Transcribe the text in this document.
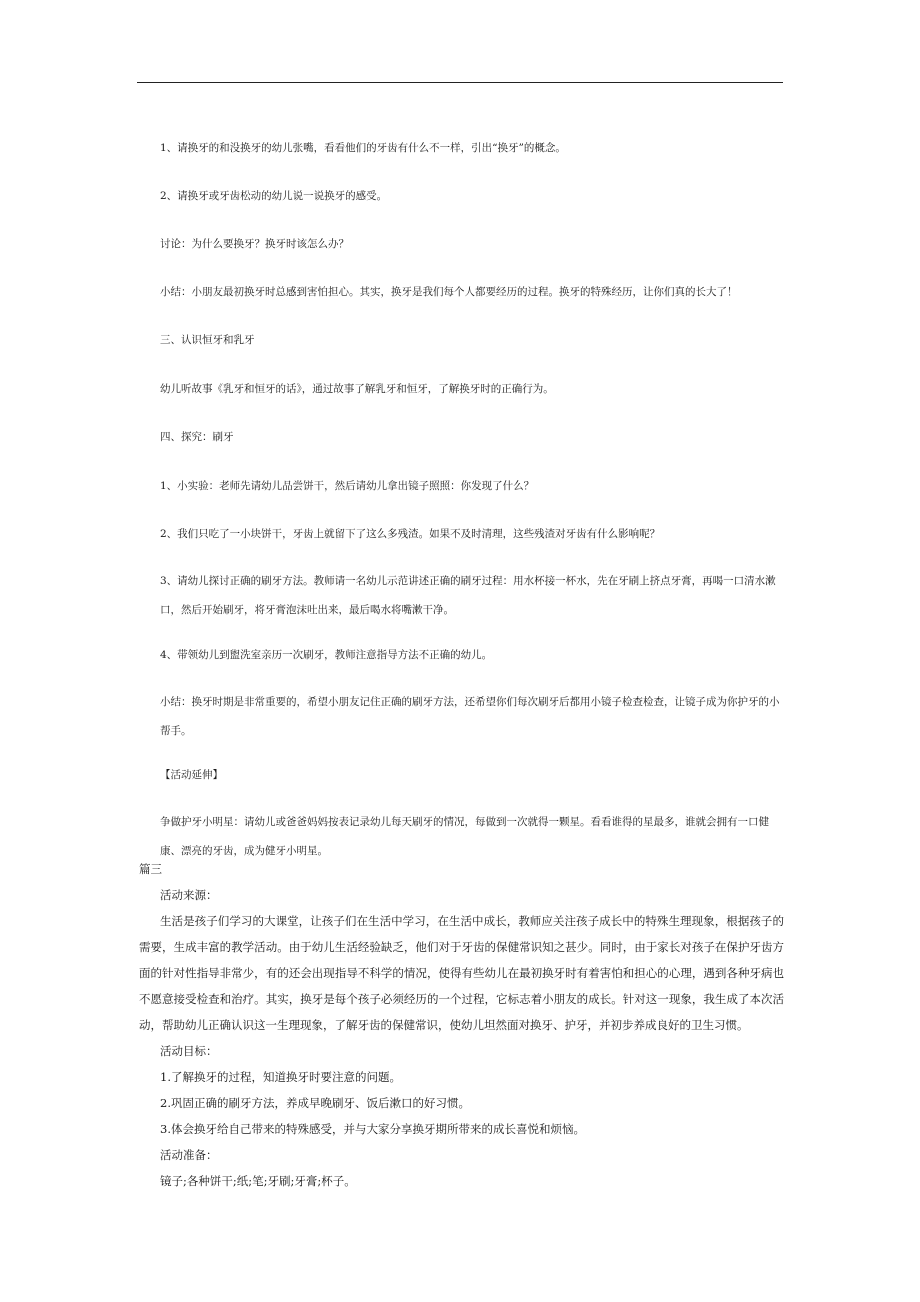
1、请换牙的和没换牙的幼儿张嘴，看看他们的牙齿有什么不一样，引出“换牙”的概念。
2、请换牙或牙齿松动的幼儿说一说换牙的感受。
讨论：为什么要换牙？换牙时该怎么办？
小结：小朋友最初换牙时总感到害怕担心。其实，换牙是我们每个人都要经历的过程。换牙的特殊经历，让你们真的长大了！
三、认识恒牙和乳牙
幼儿听故事《乳牙和恒牙的话》，通过故事了解乳牙和恒牙，了解换牙时的正确行为。
四、探究：刷牙
1、小实验：老师先请幼儿品尝饼干，然后请幼儿拿出镜子照照：你发现了什么？
2、我们只吃了一小块饼干，牙齿上就留下了这么多残渣。如果不及时清理，这些残渣对牙齿有什么影响呢？
3、请幼儿探讨正确的刷牙方法。教师请一名幼儿示范讲述正确的刷牙过程：用水杯接一杯水，先在牙刷上挤点牙膏，再喝一口清水漱口，然后开始刷牙，将牙膏泡沫吐出来，最后喝水将嘴漱干净。
4、带领幼儿到盥洗室亲历一次刷牙，教师注意指导方法不正确的幼儿。
小结：换牙时期是非常重要的，希望小朋友记住正确的刷牙方法，还希望你们每次刷牙后都用小镜子检查检查，让镜子成为你护牙的小帮手。
【活动延伸】
争做护牙小明星：请幼儿或爸爸妈妈按表记录幼儿每天刷牙的情况，每做到一次就得一颗星。看看谁得的星最多，谁就会拥有一口健康、漂亮的牙齿，成为健牙小明星。
篇三
活动来源：
生活是孩子们学习的大课堂，让孩子们在生活中学习，在生活中成长，教师应关注孩子成长中的特殊生理现象，根据孩子的需要，生成丰富的教学活动。由于幼儿生活经验缺乏，他们对于牙齿的保健常识知之甚少。同时，由于家长对孩子在保护牙齿方面的针对性指导非常少，有的还会出现指导不科学的情况，使得有些幼儿在最初换牙时有着害怕和担心的心理，遇到各种牙病也不愿意接受检查和治疗。其实，换牙是每个孩子必须经历的一个过程，它标志着小朋友的成长。针对这一现象，我生成了本次活动，帮助幼儿正确认识这一生理现象，了解牙齿的保健常识，使幼儿坦然面对换牙、护牙，并初步养成良好的卫生习惯。
活动目标：
1.了解换牙的过程，知道换牙时要注意的问题。
2.巩固正确的刷牙方法，养成早晚刷牙、饭后漱口的好习惯。
3.体会换牙给自己带来的特殊感受，并与大家分享换牙期所带来的成长喜悦和烦恼。
活动准备：
镜子;各种饼干;纸;笔;牙刷;牙膏;杯子。
